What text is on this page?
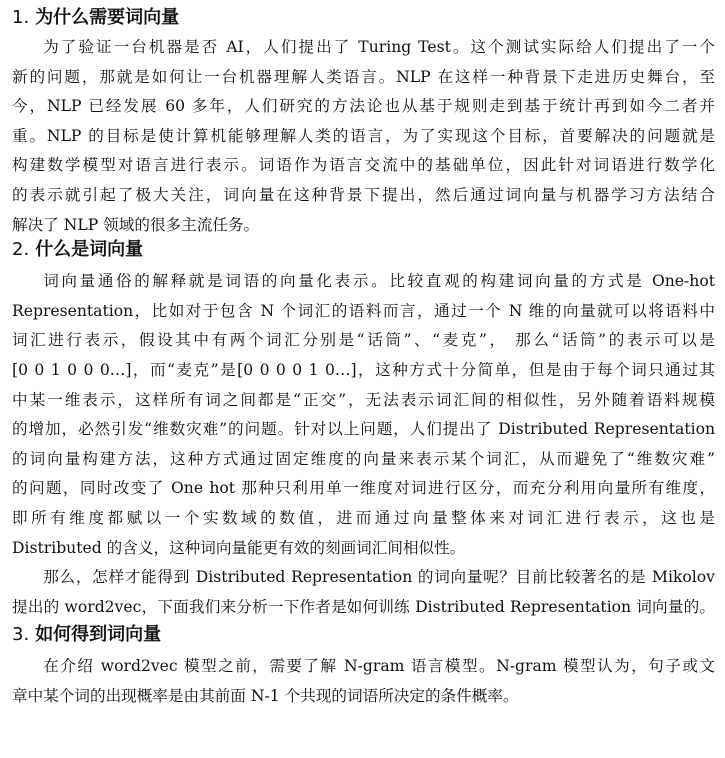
1. 为什么需要词向量
为了验证一台机器是否 AI，人们提出了 Turing Test。这个测试实际给人们提出了一个
新的问题，那就是如何让一台机器理解人类语言。NLP 在这样一种背景下走进历史舞台，至
今，NLP 已经发展 60 多年，人们研究的方法论也从基于规则走到基于统计再到如今二者并
重。NLP 的目标是使计算机能够理解人类的语言，为了实现这个目标，首要解决的问题就是
构建数学模型对语言进行表示。词语作为语言交流中的基础单位，因此针对词语进行数学化
的表示就引起了极大关注，词向量在这种背景下提出，然后通过词向量与机器学习方法结合
解决了 NLP 领域的很多主流任务。
2. 什么是词向量
词向量通俗的解释就是词语的向量化表示。比较直观的构建词向量的方式是 One-hot
Representation，比如对于包含 N 个词汇的语料而言，通过一个 N 维的向量就可以将语料中
词汇进行表示，假设其中有两个词汇分别是“话筒”、“麦克”， 那么“话筒”的表示可以是
[0 0 1 0 0 0…]，而“麦克”是[0 0 0 0 1 0…]，这种方式十分简单，但是由于每个词只通过其
中某一维表示，这样所有词之间都是“正交”，无法表示词汇间的相似性，另外随着语料规模
的增加，必然引发“维数灾难”的问题。针对以上问题，人们提出了 Distributed Representation
的词向量构建方法，这种方式通过固定维度的向量来表示某个词汇，从而避免了“维数灾难”
的问题，同时改变了 One hot 那种只利用单一维度对词进行区分，而充分利用向量所有维度，
即所有维度都赋以一个实数域的数值，进而通过向量整体来对词汇进行表示，这也是
Distributed 的含义，这种词向量能更有效的刻画词汇间相似性。
那么，怎样才能得到 Distributed Representation 的词向量呢？目前比较著名的是 Mikolov
提出的 word2vec，下面我们来分析一下作者是如何训练 Distributed Representation 词向量的。
3. 如何得到词向量
在介绍 word2vec 模型之前，需要了解 N-gram 语言模型。N-gram 模型认为，句子或文
章中某个词的出现概率是由其前面 N-1 个共现的词语所决定的条件概率。
